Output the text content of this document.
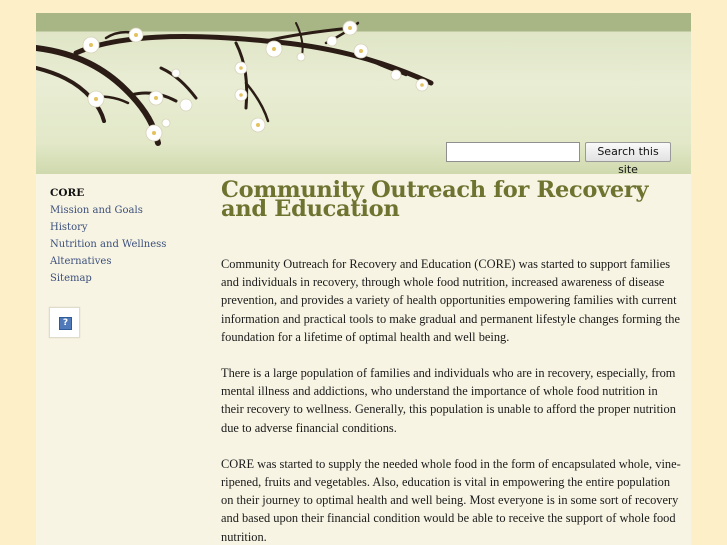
Search this site
CORE
Mission and Goals
History
Nutrition and Wellness
Alternatives
Sitemap
?
Community Outreach for Recovery and Education

Community Outreach for Recovery and Education (CORE) was started to support families and individuals in recovery, through whole food nutrition, increased awareness of disease prevention, and provides a variety of health opportunities empowering families with current information and practical tools to make gradual and permanent lifestyle changes forming the foundation for a lifetime of optimal health and well being.

There is a large population of families and individuals who are in recovery, especially, from mental illness and addictions, who understand the importance of whole food nutrition in their recovery to wellness. Generally, this population is unable to afford the proper nutrition due to adverse financial conditions.

CORE was started to supply the needed whole food in the form of encapsulated whole, vine-ripened, fruits and vegetables. Also, education is vital in empowering the entire population on their journey to optimal health and well being. Most everyone is in some sort of recovery and based upon their financial condition would be able to receive the support of whole food nutrition.
